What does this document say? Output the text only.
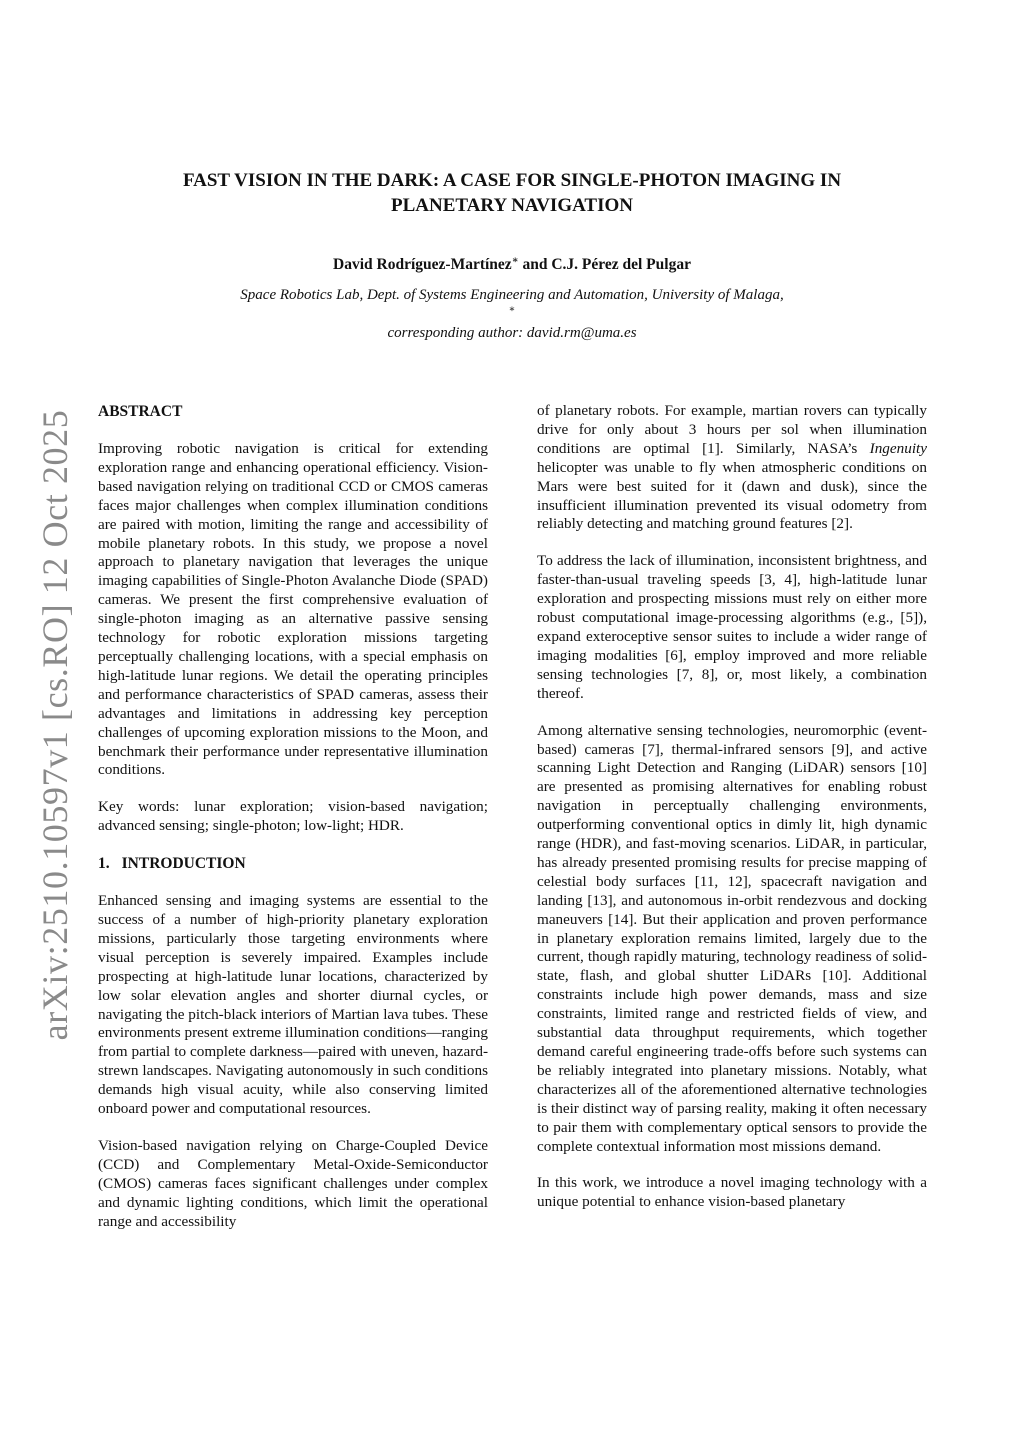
arXiv:2510.10597v1 [cs.RO] 12 Oct 2025
FAST VISION IN THE DARK: A CASE FOR SINGLE-PHOTON IMAGING IN PLANETARY NAVIGATION

David Rodríguez-Martínez∗ and C.J. Pérez del Pulgar

Space Robotics Lab, Dept. of Systems Engineering and Automation, University of Malaga,
∗
corresponding author: david.rm@uma.es
ABSTRACT

Improving robotic navigation is critical for extending exploration range and enhancing operational efficiency. Vision-based navigation relying on traditional CCD or CMOS cameras faces major challenges when complex illumination conditions are paired with motion, limiting the range and accessibility of mobile planetary robots. In this study, we propose a novel approach to planetary navigation that leverages the unique imaging capabilities of Single-Photon Avalanche Diode (SPAD) cameras. We present the first comprehensive evaluation of single-photon imaging as an alternative passive sensing technology for robotic exploration missions targeting perceptually challenging locations, with a special emphasis on high-latitude lunar regions. We detail the operating principles and performance characteristics of SPAD cameras, assess their advantages and limitations in addressing key perception challenges of upcoming exploration missions to the Moon, and benchmark their performance under representative illumination conditions.

Key words: lunar exploration; vision-based navigation; advanced sensing; single-photon; low-light; HDR.

1. INTRODUCTION

Enhanced sensing and imaging systems are essential to the success of a number of high-priority planetary exploration missions, particularly those targeting environments where visual perception is severely impaired. Examples include prospecting at high-latitude lunar locations, characterized by low solar elevation angles and shorter diurnal cycles, or navigating the pitch-black interiors of Martian lava tubes. These environments present extreme illumination conditions—ranging from partial to complete darkness—paired with uneven, hazard-strewn landscapes. Navigating autonomously in such conditions demands high visual acuity, while also conserving limited onboard power and computational resources.

Vision-based navigation relying on Charge-Coupled Device (CCD) and Complementary Metal-Oxide-Semiconductor (CMOS) cameras faces significant challenges under complex and dynamic lighting conditions, which limit the operational range and accessibility

of planetary robots. For example, martian rovers can typically drive for only about 3 hours per sol when illumination conditions are optimal [1]. Similarly, NASA’s Ingenuity helicopter was unable to fly when atmospheric conditions on Mars were best suited for it (dawn and dusk), since the insufficient illumination prevented its visual odometry from reliably detecting and matching ground features [2].

To address the lack of illumination, inconsistent brightness, and faster-than-usual traveling speeds [3, 4], high-latitude lunar exploration and prospecting missions must rely on either more robust computational image-processing algorithms (e.g., [5]), expand exteroceptive sensor suites to include a wider range of imaging modalities [6], employ improved and more reliable sensing technologies [7, 8], or, most likely, a combination thereof.

Among alternative sensing technologies, neuromorphic (event-based) cameras [7], thermal-infrared sensors [9], and active scanning Light Detection and Ranging (LiDAR) sensors [10] are presented as promising alternatives for enabling robust navigation in perceptually challenging environments, outperforming conventional optics in dimly lit, high dynamic range (HDR), and fast-moving scenarios. LiDAR, in particular, has already presented promising results for precise mapping of celestial body surfaces [11, 12], spacecraft navigation and landing [13], and autonomous in-orbit rendezvous and docking maneuvers [14]. But their application and proven performance in planetary exploration remains limited, largely due to the current, though rapidly maturing, technology readiness of solid-state, flash, and global shutter LiDARs [10]. Additional constraints include high power demands, mass and size constraints, limited range and restricted fields of view, and substantial data throughput requirements, which together demand careful engineering trade-offs before such systems can be reliably integrated into planetary missions. Notably, what characterizes all of the aforementioned alternative technologies is their distinct way of parsing reality, making it often necessary to pair them with complementary optical sensors to provide the complete contextual information most missions demand.

In this work, we introduce a novel imaging technology with a unique potential to enhance vision-based planetary
